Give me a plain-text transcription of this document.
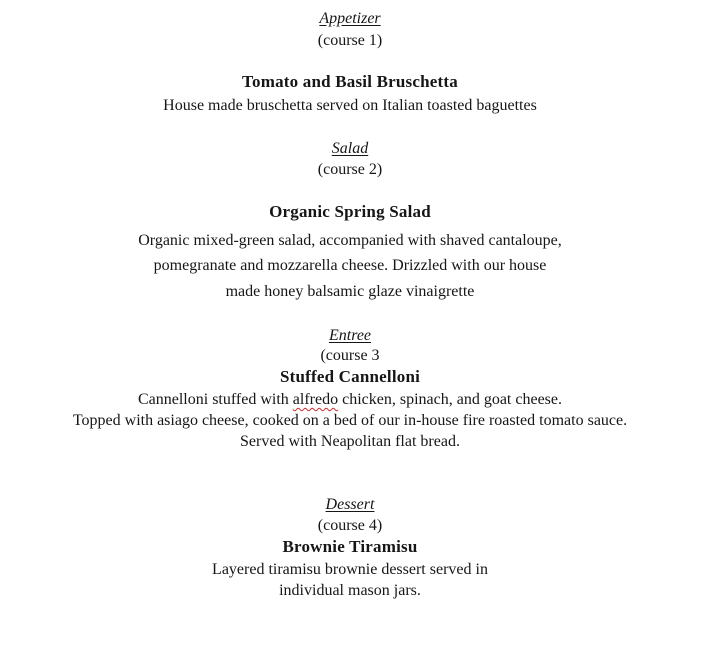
Appetizer
(course 1)
Tomato and Basil Bruschetta
House made bruschetta served on Italian toasted baguettes
Salad
(course 2)
Organic Spring Salad
Organic mixed-green salad, accompanied with shaved cantaloupe,
pomegranate and mozzarella cheese. Drizzled with our house
made honey balsamic glaze vinaigrette
Entree
(course 3
Stuffed Cannelloni
Cannelloni stuffed with alfredo chicken, spinach, and goat cheese.
Topped with asiago cheese, cooked on a bed of our in-house fire roasted tomato sauce.
Served with Neapolitan flat bread.
Dessert
(course 4)
Brownie Tiramisu
Layered tiramisu brownie dessert served in
individual mason jars.
